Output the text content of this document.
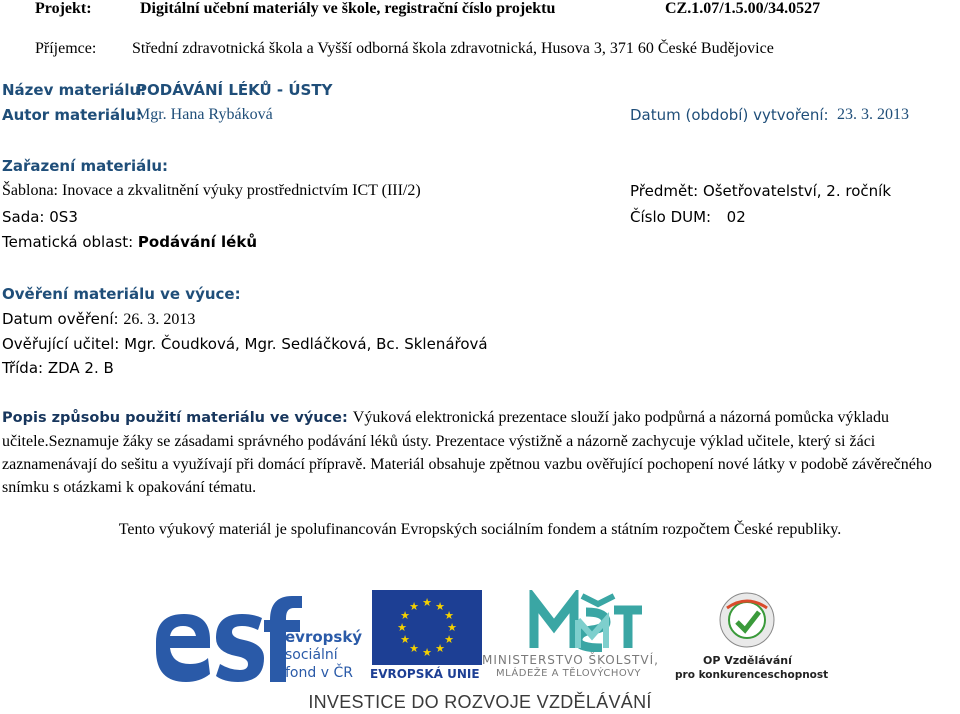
Projekt:	Digitální učební materiály ve škole, registrační číslo projektu	CZ.1.07/1.5.00/34.0527
Příjemce: Střední zdravotnická škola a Vyšší odborná škola zdravotnická, Husova 3, 371 60 České Budějovice
Název materiálu:
PODÁVÁNÍ LÉKŮ - ÚSTY
Autor materiálu:
Mgr. Hana Rybáková	Datum (období) vytvoření: 23. 3. 2013
Zařazení materiálu:
Šablona: Inovace a zkvalitnění výuky prostřednictvím ICT (III/2)	Předmět: Ošetřovatelství, 2. ročník
Sada: 0S3	Číslo DUM: 02
Tematická oblast: Podávání léků
Ověření materiálu ve výuce:
Datum ověření: 26. 3. 2013
Ověřující učitel: Mgr. Čoudková, Mgr. Sedláčková, Bc. Sklenářová
Třída: ZDA 2. B
Popis způsobu použití materiálu ve výuce: Výuková elektronická prezentace slouží jako podpůrná a názorná pomůcka výkladu učitele.Seznamuje žáky se zásadami správného podávání léků ústy. Prezentace výstižně a názorně zachycuje výklad učitele, který si žáci zaznamenávají do sešitu a využívají při domácí přípravě. Materiál obsahuje zpětnou vazbu ověřující pochopení nové látky v podobě závěrečného snímku s otázkami k opakování tématu.
Tento výukový materiál je spolufinancován Evropských sociálním fondem a státním rozpočtem České republiky.
evropský
sociální
fond v ČR
★ ★
★
★
★
★
★
★
★
★
★
★
EVROPSKÁ UNIE
MINISTERSTVO ŠKOLSTVÍ,
MLÁDEŽE A TĚLOVÝCHOVY
OP Vzdělávání
pro konkurenceschopnost
INVESTICE DO ROZVOJE VZDĚLÁVÁNÍ
